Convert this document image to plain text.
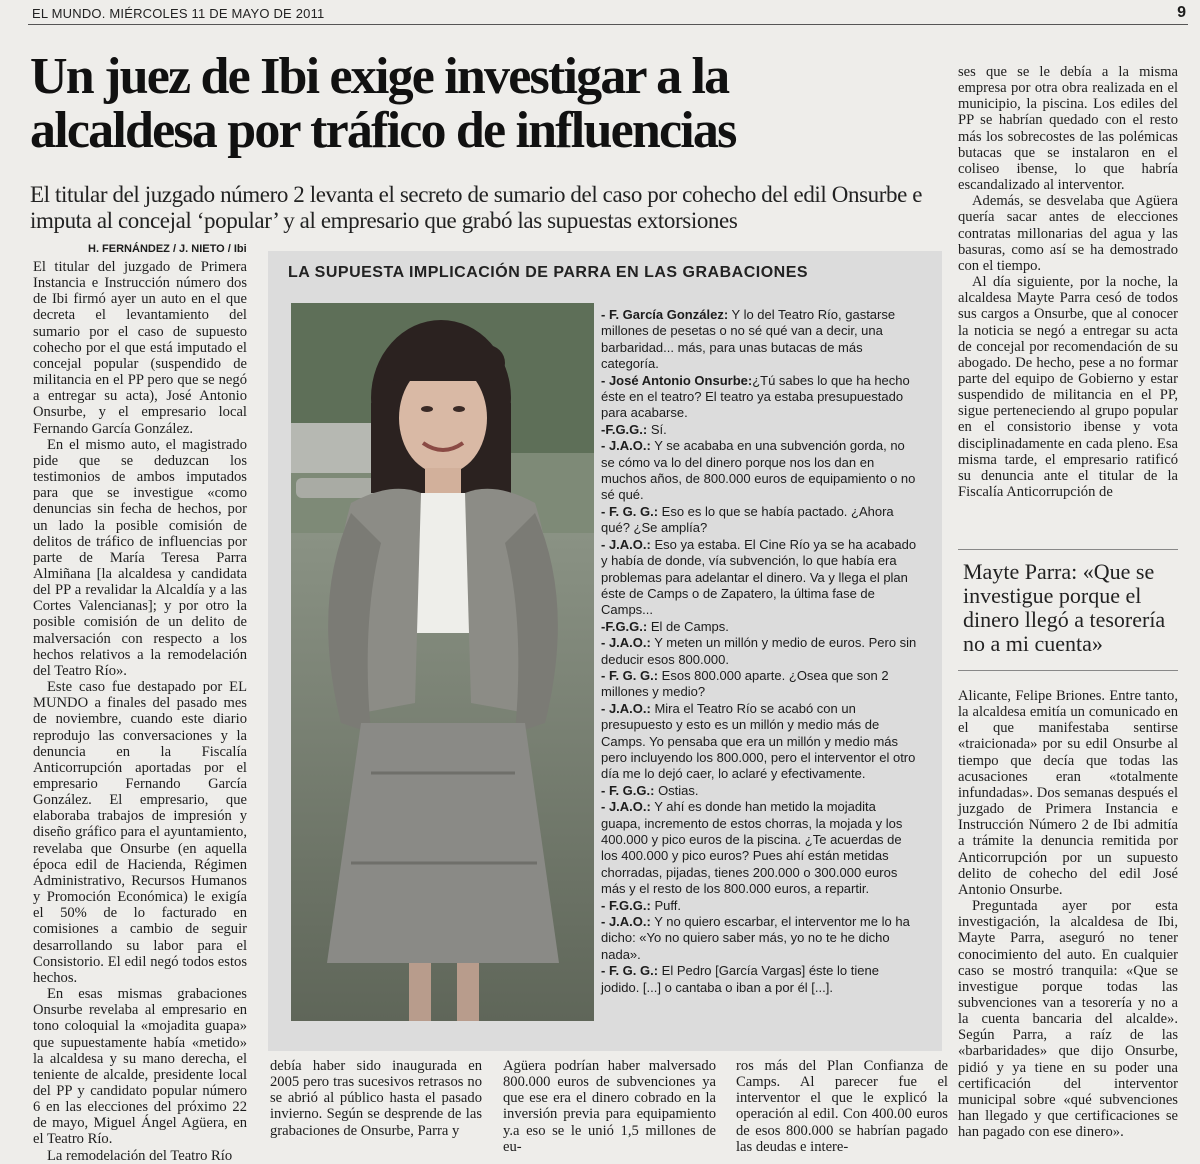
EL MUNDO. MIÉRCOLES 11 DE MAYO DE 2011	9
Un juez de Ibi exige investigar a la
alcaldesa por tráfico de influencias

El titular del juzgado número 2 levanta el secreto de sumario del caso por cohecho del edil Onsurbe e imputa al concejal ‘popular’ y al empresario que grabó las supuestas extorsiones

H. FERNÁNDEZ / J. NIETO / Ibi

El titular del juzgado de Primera Instancia e Instrucción número dos de Ibi firmó ayer un auto en el que decreta el levantamiento del sumario por el caso de supuesto cohecho por el que está imputado el concejal popular (suspendido de militancia en el PP pero que se negó a entregar su acta), José Antonio Onsurbe, y el empresario local Fernando García González.

En el mismo auto, el magistrado pide que se deduzcan los testimonios de ambos imputados para que se investigue «como denuncias sin fecha de hechos, por un lado la posible comisión de delitos de tráfico de influencias por parte de María Teresa Parra Almiñana [la alcaldesa y candidata del PP a revalidar la Alcaldía y a las Cortes Valencianas]; y por otro la posible comisión de un delito de malversación con respecto a los hechos relativos a la remodelación del Teatro Río».

Este caso fue destapado por EL MUNDO a finales del pasado mes de noviembre, cuando este diario reprodujo las conversaciones y la denuncia en la Fiscalía Anticorrupción aportadas por el empresario Fernando García González. El empresario, que elaboraba trabajos de impresión y diseño gráfico para el ayuntamiento, revelaba que Onsurbe (en aquella época edil de Hacienda, Régimen Administrativo, Recursos Humanos y Promoción Económica) le exigía el 50% de lo facturado en comisiones a cambio de seguir desarrollando su labor para el Consistorio. El edil negó todos estos hechos.

En esas mismas grabaciones Onsurbe revelaba al empresario en tono coloquial la «mojadita guapa» que supuestamente había «metido» la alcaldesa y su mano derecha, el teniente de alcalde, presidente local del PP y candidato popular número 6 en las elecciones del próximo 22 de mayo, Miguel Ángel Agüera, en el Teatro Río.

La remodelación del Teatro Río

LA SUPUESTA IMPLICACIÓN DE PARRA EN LAS GRABACIONES

- F. García González: Y lo del Teatro Río, gastarse millones de pesetas o no sé qué van a decir, una barbaridad... más, para unas butacas de más categoría.

- José Antonio Onsurbe:¿Tú sabes lo que ha hecho éste en el teatro? El teatro ya estaba presupuestado para acabarse.

-F.G.G.: Sí.

- J.A.O.: Y se acababa en una subvención gorda, no se cómo va lo del dinero porque nos los dan en muchos años, de 800.000 euros de equipamiento o no sé qué.

- F. G. G.: Eso es lo que se había pactado. ¿Ahora qué? ¿Se amplía?

- J.A.O.: Eso ya estaba. El Cine Río ya se ha acabado y había de donde, vía subvención, lo que había era problemas para adelantar el dinero. Va y llega el plan éste de Camps o de Zapatero, la última fase de Camps...

-F.G.G.: El de Camps.

- J.A.O.: Y meten un millón y medio de euros. Pero sin deducir esos 800.000.

- F. G. G.: Esos 800.000 aparte. ¿Osea que son 2 millones y medio?

- J.A.O.: Mira el Teatro Río se acabó con un presupuesto y esto es un millón y medio más de Camps. Yo pensaba que era un millón y medio más pero incluyendo los 800.000, pero el interventor el otro día me lo dejó caer, lo aclaré y efectivamente.

- F. G.G.: Ostias.

- J.A.O.: Y ahí es donde han metido la mojadita guapa, incremento de estos chorras, la mojada y los 400.000 y pico euros de la piscina. ¿Te acuerdas de los 400.000 y pico euros? Pues ahí están metidas chorradas, pijadas, tienes 200.000 o 300.000 euros más y el resto de los 800.000 euros, a repartir.

- F.G.G.: Puff.

- J.A.O.: Y no quiero escarbar, el interventor me lo ha dicho: «Yo no quiero saber más, yo no te he dicho nada».

- F. G. G.: El Pedro [García Vargas] éste lo tiene jodido. [...] o cantaba o iban a por él [...].

debía haber sido inaugurada en 2005 pero tras sucesivos retrasos no se abrió al público hasta el pasado invierno. Según se desprende de las grabaciones de Onsurbe, Parra y
Agüera podrían haber malversado 800.000 euros de subvenciones ya que ese era el dinero cobrado en la inversión previa para equipamiento y.a eso se le unió 1,5 millones de eu-
ros más del Plan Confianza de Camps. Al parecer fue el interventor el que le explicó la operación al edil. Con 400.00 euros de esos 800.000 se habrían pagado las deudas e intere-

ses que se le debía a la misma empresa por otra obra realizada en el municipio, la piscina. Los ediles del PP se habrían quedado con el resto más los sobrecostes de las polémicas butacas que se instalaron en el coliseo ibense, lo que habría escandalizado al interventor.

Además, se desvelaba que Agüera quería sacar antes de elecciones contratas millonarias del agua y las basuras, como así se ha demostrado con el tiempo.

Al día siguiente, por la noche, la alcaldesa Mayte Parra cesó de todos sus cargos a Onsurbe, que al conocer la noticia se negó a entregar su acta de concejal por recomendación de su abogado. De hecho, pese a no formar parte del equipo de Gobierno y estar suspendido de militancia en el PP, sigue perteneciendo al grupo popular en el consistorio ibense y vota disciplinadamente en cada pleno. Esa misma tarde, el empresario ratificó su denuncia ante el titular de la Fiscalía Anticorrupción de

Mayte Parra: «Que se investigue porque el dinero llegó a tesorería no a mi cuenta»

Alicante, Felipe Briones. Entre tanto, la alcaldesa emitía un comunicado en el que manifestaba sentirse «traicionada» por su edil Onsurbe al tiempo que decía que todas las acusaciones eran «totalmente infundadas». Dos semanas después el juzgado de Primera Instancia e Instrucción Número 2 de Ibi admitía a trámite la denuncia remitida por Anticorrupción por un supuesto delito de cohecho del edil José Antonio Onsurbe.

Preguntada ayer por esta investigación, la alcaldesa de Ibi, Mayte Parra, aseguró no tener conocimiento del auto. En cualquier caso se mostró tranquila: «Que se investigue porque todas las subvenciones van a tesorería y no a la cuenta bancaria del alcalde». Según Parra, a raíz de las «barbaridades» que dijo Onsurbe, pidió y ya tiene en su poder una certificación del interventor municipal sobre «qué subvenciones han llegado y que certificaciones se han pagado con ese dinero».
